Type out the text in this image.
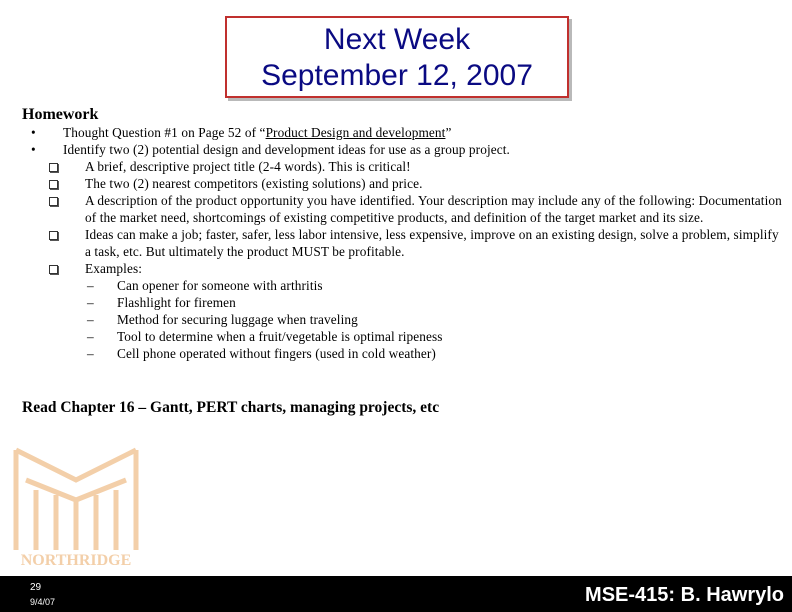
Next Week
September 12, 2007
Homework
• Thought Question #1 on Page 52 of “Product Design and development”
• Identify two (2) potential design and development ideas for use as a group project.
A brief, descriptive project title (2-4 words). This is critical!
The two (2) nearest competitors (existing solutions) and price.
A description of the product opportunity you have identified. Your description may include any of the following: Documentation of the market need, shortcomings of existing competitive products, and definition of the target market and its size.
Ideas can make a job; faster, safer, less labor intensive, less expensive, improve on an existing design, solve a problem, simplify a task, etc. But ultimately the product MUST be profitable.
Examples:
– Can opener for someone with arthritis
– Flashlight for firemen
– Method for securing luggage when traveling
– Tool to determine when a fruit/vegetable is optimal ripeness
– Cell phone operated without fingers (used in cold weather)
Read Chapter 16 – Gantt, PERT charts, managing projects, etc
NORTHRIDGE
29
9/4/07	MSE-415: B. Hawrylo
